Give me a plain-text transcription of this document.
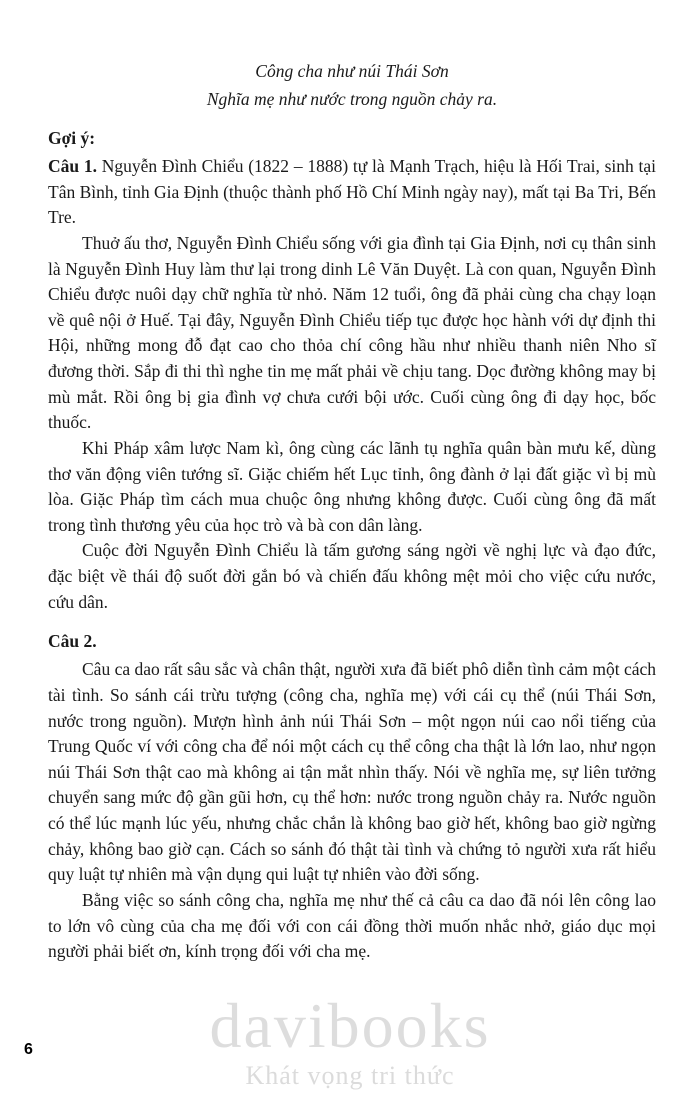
davibooks
Khát vọng tri thức
Công cha như núi Thái Sơn
Nghĩa mẹ như nước trong nguồn chảy ra.
Gợi ý:

Câu 1. Nguyễn Đình Chiểu (1822 – 1888) tự là Mạnh Trạch, hiệu là Hối Trai, sinh tại Tân Bình, tỉnh Gia Định (thuộc thành phố Hồ Chí Minh ngày nay), mất tại Ba Tri, Bến Tre.

Thuở ấu thơ, Nguyễn Đình Chiểu sống với gia đình tại Gia Định, nơi cụ thân sinh là Nguyễn Đình Huy làm thư lại trong dinh Lê Văn Duyệt. Là con quan, Nguyễn Đình Chiểu được nuôi dạy chữ nghĩa từ nhỏ. Năm 12 tuổi, ông đã phải cùng cha chạy loạn về quê nội ở Huế. Tại đây, Nguyễn Đình Chiểu tiếp tục được học hành với dự định thi Hội, những mong đỗ đạt cao cho thỏa chí công hầu như nhiều thanh niên Nho sĩ đương thời. Sắp đi thi thì nghe tin mẹ mất phải về chịu tang. Dọc đường không may bị mù mắt. Rồi ông bị gia đình vợ chưa cưới bội ước. Cuối cùng ông đi dạy học, bốc thuốc.

Khi Pháp xâm lược Nam kì, ông cùng các lãnh tụ nghĩa quân bàn mưu kế, dùng thơ văn động viên tướng sĩ. Giặc chiếm hết Lục tỉnh, ông đành ở lại đất giặc vì bị mù lòa. Giặc Pháp tìm cách mua chuộc ông nhưng không được. Cuối cùng ông đã mất trong tình thương yêu của học trò và bà con dân làng.

Cuộc đời Nguyễn Đình Chiểu là tấm gương sáng ngời về nghị lực và đạo đức, đặc biệt về thái độ suốt đời gắn bó và chiến đấu không mệt mỏi cho việc cứu nước, cứu dân.

Câu 2.

Câu ca dao rất sâu sắc và chân thật, người xưa đã biết phô diễn tình cảm một cách tài tình. So sánh cái trừu tượng (công cha, nghĩa mẹ) với cái cụ thể (núi Thái Sơn, nước trong nguồn). Mượn hình ảnh núi Thái Sơn – một ngọn núi cao nổi tiếng của Trung Quốc ví với công cha để nói một cách cụ thể công cha thật là lớn lao, như ngọn núi Thái Sơn thật cao mà không ai tận mắt nhìn thấy. Nói về nghĩa mẹ, sự liên tưởng chuyển sang mức độ gần gũi hơn, cụ thể hơn: nước trong nguồn chảy ra. Nước nguồn có thể lúc mạnh lúc yếu, nhưng chắc chắn là không bao giờ hết, không bao giờ ngừng chảy, không bao giờ cạn. Cách so sánh đó thật tài tình và chứng tỏ người xưa rất hiểu quy luật tự nhiên mà vận dụng qui luật tự nhiên vào đời sống.

Bằng việc so sánh công cha, nghĩa mẹ như thế cả câu ca dao đã nói lên công lao to lớn vô cùng của cha mẹ đối với con cái đồng thời muốn nhắc nhở, giáo dục mọi người phải biết ơn, kính trọng đối với cha mẹ.

6
